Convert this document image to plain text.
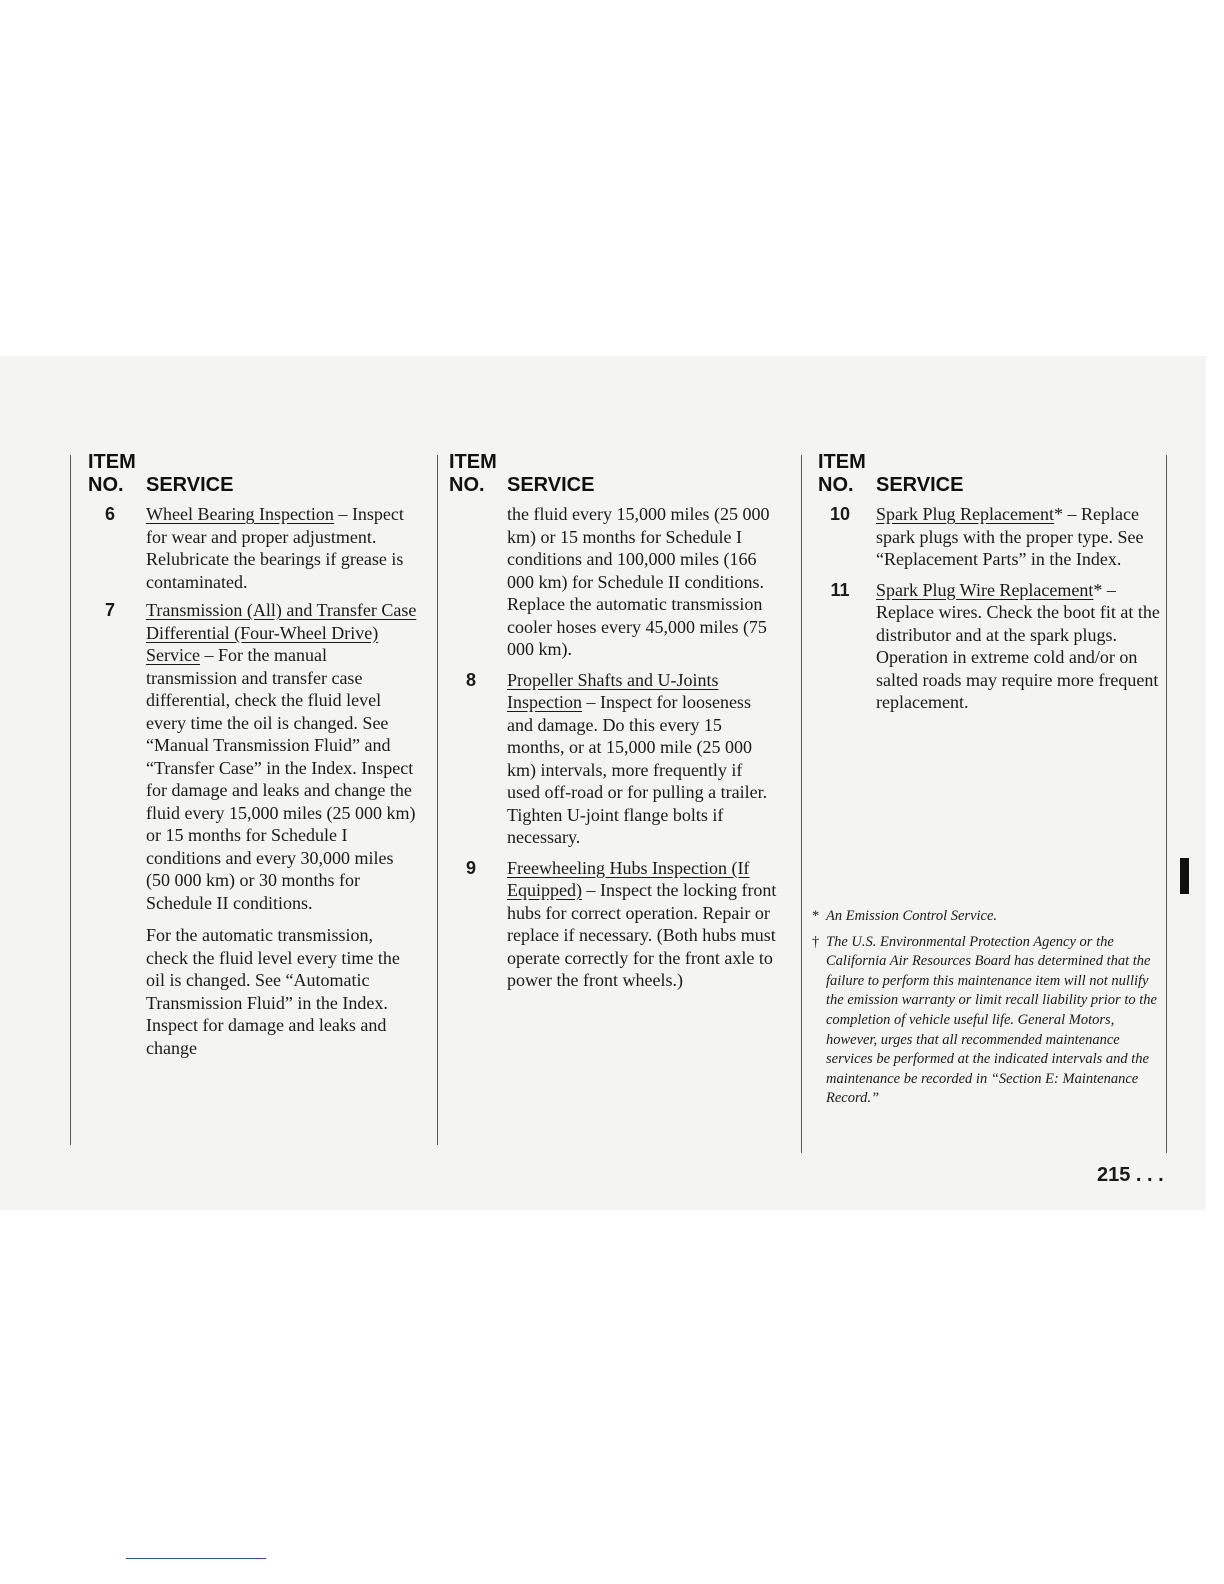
ITEM
NO.	SERVICE
6	Wheel Bearing Inspection – Inspect for wear and proper adjustment. Relubricate the bearings if grease is contaminated.

7	Transmission (All) and Transfer Case Differential (Four-Wheel Drive) Service – For the manual transmission and transfer case differential, check the fluid level every time the oil is changed. See “Manual Transmission Fluid” and “Transfer Case” in the Index. Inspect for damage and leaks and change the fluid every 15,000 miles (25 000 km) or 15 months for Schedule I conditions and every 30,000 miles (50 000 km) or 30 months for Schedule II conditions.

For the automatic transmission, check the fluid level every time the oil is changed. See “Automatic Transmission Fluid” in the Index. Inspect for damage and leaks and change

ITEM
NO.	SERVICE

the fluid every 15,000 miles (25 000 km) or 15 months for Schedule I conditions and 100,000 miles (166 000 km) for Schedule II conditions. Replace the automatic transmission cooler hoses every 45,000 miles (75 000 km).

8	Propeller Shafts and U-Joints Inspection – Inspect for looseness and damage. Do this every 15 months, or at 15,000 mile (25 000 km) intervals, more frequently if used off-road or for pulling a trailer. Tighten U-joint flange bolts if necessary.

9	Freewheeling Hubs Inspection (If Equipped) – Inspect the locking front hubs for correct operation. Repair or replace if necessary. (Both hubs must operate correctly for the front axle to power the front wheels.)

ITEM
NO.	SERVICE
10	Spark Plug Replacement* – Replace spark plugs with the proper type. See “Replacement Parts” in the Index.

11	Spark Plug Wire Replacement* – Replace wires. Check the boot fit at the distributor and at the spark plugs. Operation in extreme cold and/or on salted roads may require more frequent replacement.

* An Emission Control Service.
† The U.S. Environmental Protection Agency or the California Air Resources Board has determined that the failure to perform this maintenance item will not nullify the emission warranty or limit recall liability prior to the completion of vehicle useful life. General Motors, however, urges that all recommended maintenance services be performed at the indicated intervals and the maintenance be recorded in “Section E: Maintenance Record.”
215 . . .
